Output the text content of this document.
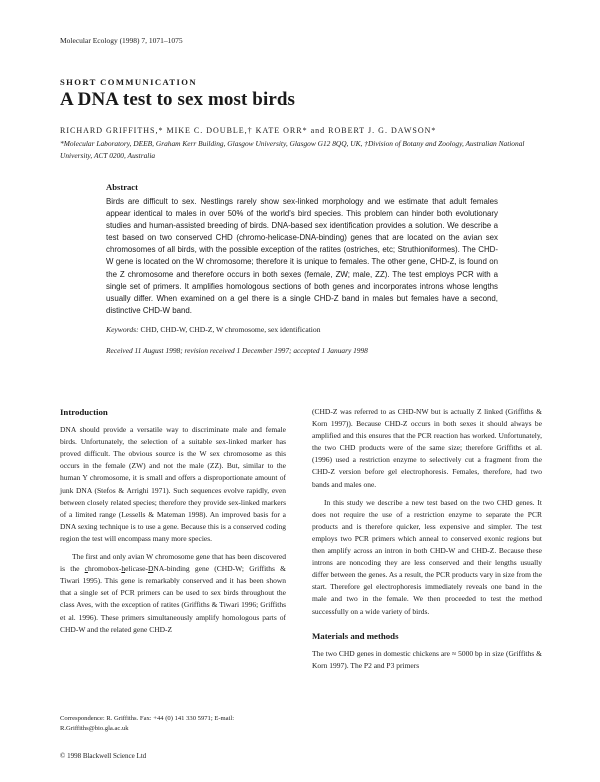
Molecular Ecology (1998) 7, 1071–1075
SHORT COMMUNICATION
A DNA test to sex most birds
RICHARD GRIFFITHS,* MIKE C. DOUBLE,† KATE ORR* and ROBERT J. G. DAWSON*
*Molecular Laboratory, DEEB, Graham Kerr Building, Glasgow University, Glasgow G12 8QQ, UK, †Division of Botany and Zoology, Australian National University, ACT 0200, Australia
Abstract
Birds are difficult to sex. Nestlings rarely show sex-linked morphology and we estimate that adult females appear identical to males in over 50% of the world's bird species. This problem can hinder both evolutionary studies and human-assisted breeding of birds. DNA-based sex identification provides a solution. We describe a test based on two conserved CHD (chromo-helicase-DNA-binding) genes that are located on the avian sex chromosomes of all birds, with the possible exception of the ratites (ostriches, etc; Struthioniformes). The CHD-W gene is located on the W chromosome; therefore it is unique to females. The other gene, CHD-Z, is found on the Z chromosome and therefore occurs in both sexes (female, ZW; male, ZZ). The test employs PCR with a single set of primers. It amplifies homologous sections of both genes and incorporates introns whose lengths usually differ. When examined on a gel there is a single CHD-Z band in males but females have a second, distinctive CHD-W band.
Keywords: CHD, CHD-W, CHD-Z, W chromosome, sex identification
Received 11 August 1998; revision received 1 December 1997; accepted 1 January 1998
Introduction

DNA should provide a versatile way to discriminate male and female birds. Unfortunately, the selection of a suitable sex-linked marker has proved difficult. The obvious source is the W sex chromosome as this occurs in the female (ZW) and not the male (ZZ). But, similar to the human Y chromosome, it is small and offers a disproportionate amount of junk DNA (Stefos & Arrighi 1971). Such sequences evolve rapidly, even between closely related species; therefore they provide sex-linked markers of a limited range (Lessells & Mateman 1998). An improved basis for a DNA sexing technique is to use a gene. Because this is a conserved coding region the test will encompass many more species.

The first and only avian W chromosome gene that has been discovered is the chromobox-helicase-DNA-binding gene (CHD-W; Griffiths & Tiwari 1995). This gene is remarkably conserved and it has been shown that a single set of PCR primers can be used to sex birds throughout the class Aves, with the exception of ratites (Griffiths & Tiwari 1996; Griffiths et al. 1996). These primers simultaneously amplify homologous parts of CHD-W and the related gene CHD-Z

Correspondence: R. Griffiths. Fax: +44 (0) 141 330 5971; E-mail: R.Griffiths@bio.gla.ac.uk
© 1998 Blackwell Science Ltd

(CHD-Z was referred to as CHD-NW but is actually Z linked (Griffiths & Korn 1997)). Because CHD-Z occurs in both sexes it should always be amplified and this ensures that the PCR reaction has worked. Unfortunately, the two CHD products were of the same size; therefore Griffiths et al. (1996) used a restriction enzyme to selectively cut a fragment from the CHD-Z version before gel electrophoresis. Females, therefore, had two bands and males one.

In this study we describe a new test based on the two CHD genes. It does not require the use of a restriction enzyme to separate the PCR products and is therefore quicker, less expensive and simpler. The test employs two PCR primers which anneal to conserved exonic regions but then amplify across an intron in both CHD-W and CHD-Z. Because these introns are noncoding they are less conserved and their lengths usually differ between the genes. As a result, the PCR products vary in size from the start. Therefore gel electrophoresis immediately reveals one band in the male and two in the female. We then proceeded to test the method successfully on a wide variety of birds.

Materials and methods

The two CHD genes in domestic chickens are ≈ 5000 bp in size (Griffiths & Korn 1997). The P2 and P3 primers
